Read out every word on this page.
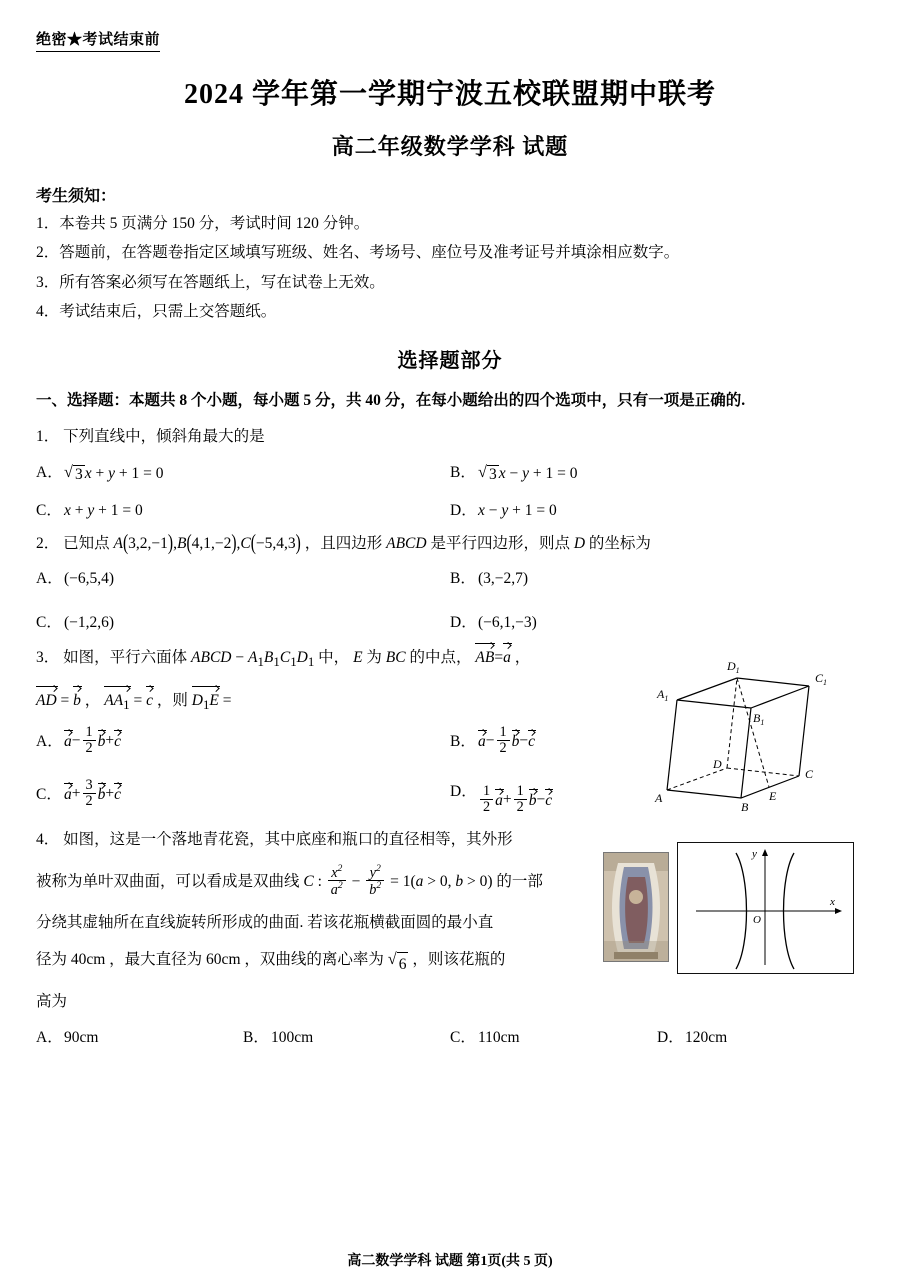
绝密★考试结束前
2024 学年第一学期宁波五校联盟期中联考
高二年级数学学科 试题
考生须知：
1．本卷共 5 页满分 150 分，考试时间 120 分钟。
2．答题前，在答题卷指定区域填写班级、姓名、考场号、座位号及准考证号并填涂相应数字。
3．所有答案必须写在答题纸上，写在试卷上无效。
4．考试结束后，只需上交答题纸。
选择题部分
一、选择题：本题共 8 个小题，每小题 5 分，共 40 分，在每小题给出的四个选项中，只有一项是正确的.
1． 下列直线中，倾斜角最大的是
A． √ 3 x + y + 1 = 0	B． √ 3 x − y + 1 = 0
C． x + y + 1 = 0	D． x − y + 1 = 0
2． 已知点 A(3,2,−1),B(4,1,−2),C(−5,4,3) ，且四边形 ABCD 是平行四边形，则点 D 的坐标为
A． (−6,5,4)	B． (3,−2,7)
C． (−1,2,6)	D． (−6,1,−3)
3． 如图，平行六面体 ABCD − $A_1B_1C_1D_1$ 中， E 为 BC 的中点， AB=a ，
AD = b ， $AA_1 = c$ ，则 $D_1E$ =
A
B
C
D
$A_1$
$B_1$
$C_1$
$D_1$
E
A． $a - \frac{1}{2}$ b + c	B． $a - \frac{1}{2}$ b − c
C． $a + \frac{3}{2}$ b + c	D． $\frac{1}{2}$ $a + \frac{1}{2}$ b − c
4． 如图，这是一个落地青花瓷，其中底座和瓶口的直径相等，其外形
被称为单叶双曲面，可以看成是双曲线 C : $\frac{x^2}{a^2} - \frac{y^2}{b^2} = 1(a > 0$, b > 0) 的一部
分绕其虚轴所在直线旋转所形成的曲面. 若该花瓶横截面圆的最小直
径为 40cm ，最大直径为 60cm ，双曲线的离心率为 √ 6 ，则该花瓶的
高为
y
x
O
A． 90cm	B． 100cm	C． 110cm	D． 120cm
高二数学学科 试题 第1页(共 5 页)
